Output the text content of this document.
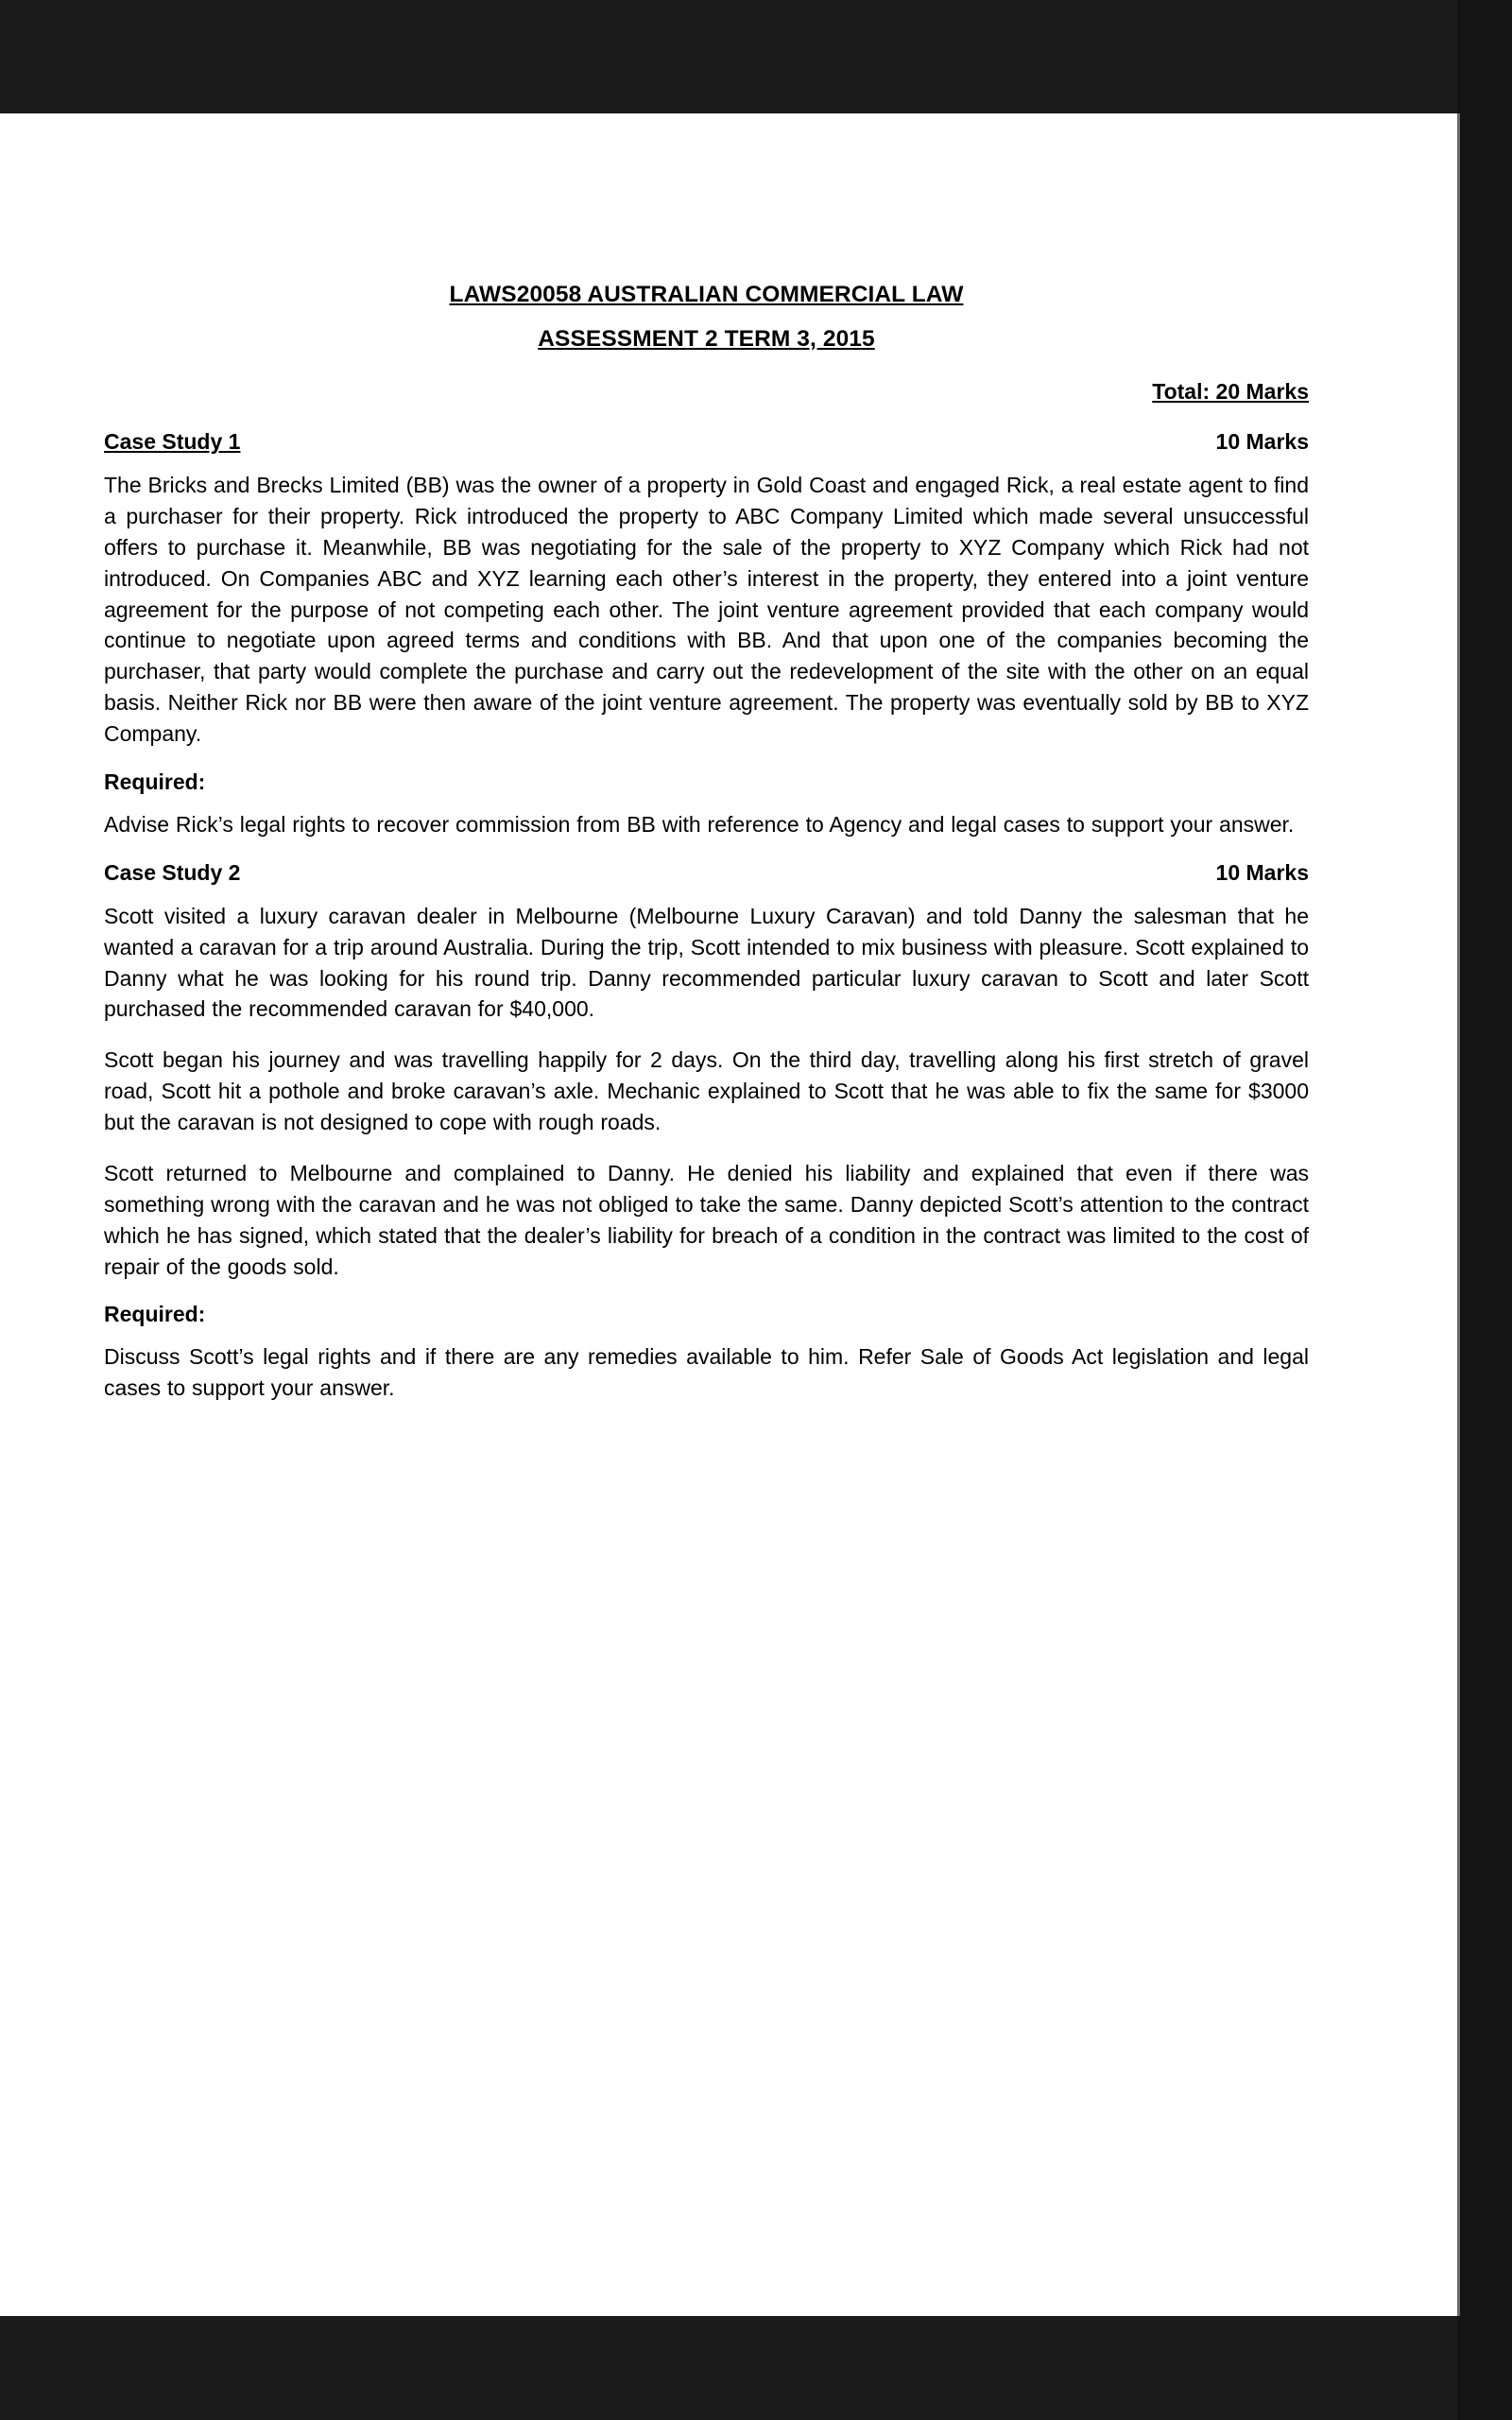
LAWS20058 AUSTRALIAN COMMERCIAL LAW
ASSESSMENT 2 TERM 3, 2015
Total: 20 Marks
Case Study 1	10 Marks

The Bricks and Brecks Limited (BB) was the owner of a property in Gold Coast and engaged Rick, a real estate agent to find a purchaser for their property. Rick introduced the property to ABC Company Limited which made several unsuccessful offers to purchase it. Meanwhile, BB was negotiating for the sale of the property to XYZ Company which Rick had not introduced. On Companies ABC and XYZ learning each other’s interest in the property, they entered into a joint venture agreement for the purpose of not competing each other. The joint venture agreement provided that each company would continue to negotiate upon agreed terms and conditions with BB. And that upon one of the companies becoming the purchaser, that party would complete the purchase and carry out the redevelopment of the site with the other on an equal basis. Neither Rick nor BB were then aware of the joint venture agreement. The property was eventually sold by BB to XYZ Company.

Required:

Advise Rick’s legal rights to recover commission from BB with reference to Agency and legal cases to support your answer.

Case Study 2	10 Marks

Scott visited a luxury caravan dealer in Melbourne (Melbourne Luxury Caravan) and told Danny the salesman that he wanted a caravan for a trip around Australia. During the trip, Scott intended to mix business with pleasure. Scott explained to Danny what he was looking for his round trip. Danny recommended particular luxury caravan to Scott and later Scott purchased the recommended caravan for $40,000.

Scott began his journey and was travelling happily for 2 days. On the third day, travelling along his first stretch of gravel road, Scott hit a pothole and broke caravan’s axle. Mechanic explained to Scott that he was able to fix the same for $3000 but the caravan is not designed to cope with rough roads.

Scott returned to Melbourne and complained to Danny. He denied his liability and explained that even if there was something wrong with the caravan and he was not obliged to take the same. Danny depicted Scott’s attention to the contract which he has signed, which stated that the dealer’s liability for breach of a condition in the contract was limited to the cost of repair of the goods sold.

Required:

Discuss Scott’s legal rights and if there are any remedies available to him. Refer Sale of Goods Act legislation and legal cases to support your answer.
